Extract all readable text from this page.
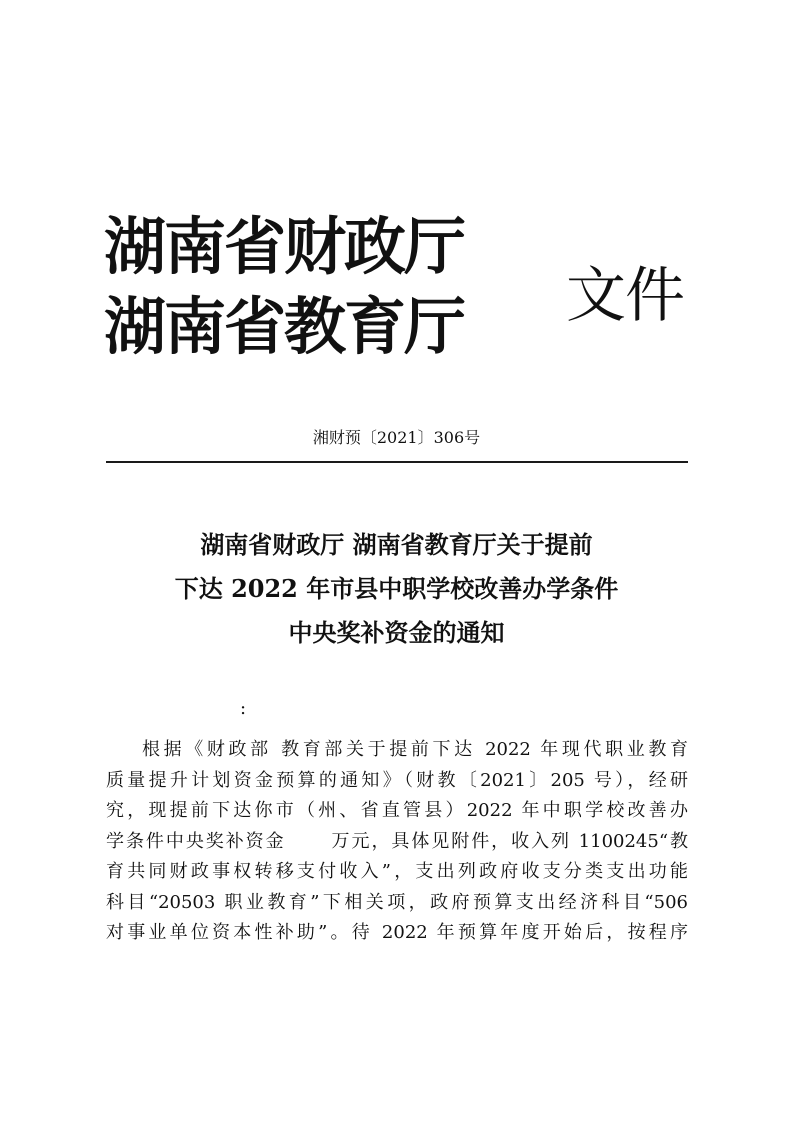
湖南省财政厅
湖南省教育厅 文件
湘财预〔2021〕306号
湖南省财政厅 湖南省教育厅关于提前
下达 2022 年市县中职学校改善办学条件
中央奖补资金的通知
:
根据《财政部 教育部关于提前下达 2022 年现代职业教育
质量提升计划资金预算的通知》（财教〔2021〕205 号），经研
究，现提前下达你市（州、省直管县）2022 年中职学校改善办
学条件中央奖补资金 万元，具体见附件，收入列 1100245“教
育共同财政事权转移支付收入”，支出列政府收支分类支出功能
科目“20503 职业教育”下相关项，政府预算支出经济科目“506
对事业单位资本性补助”。待 2022 年预算年度开始后，按程序
